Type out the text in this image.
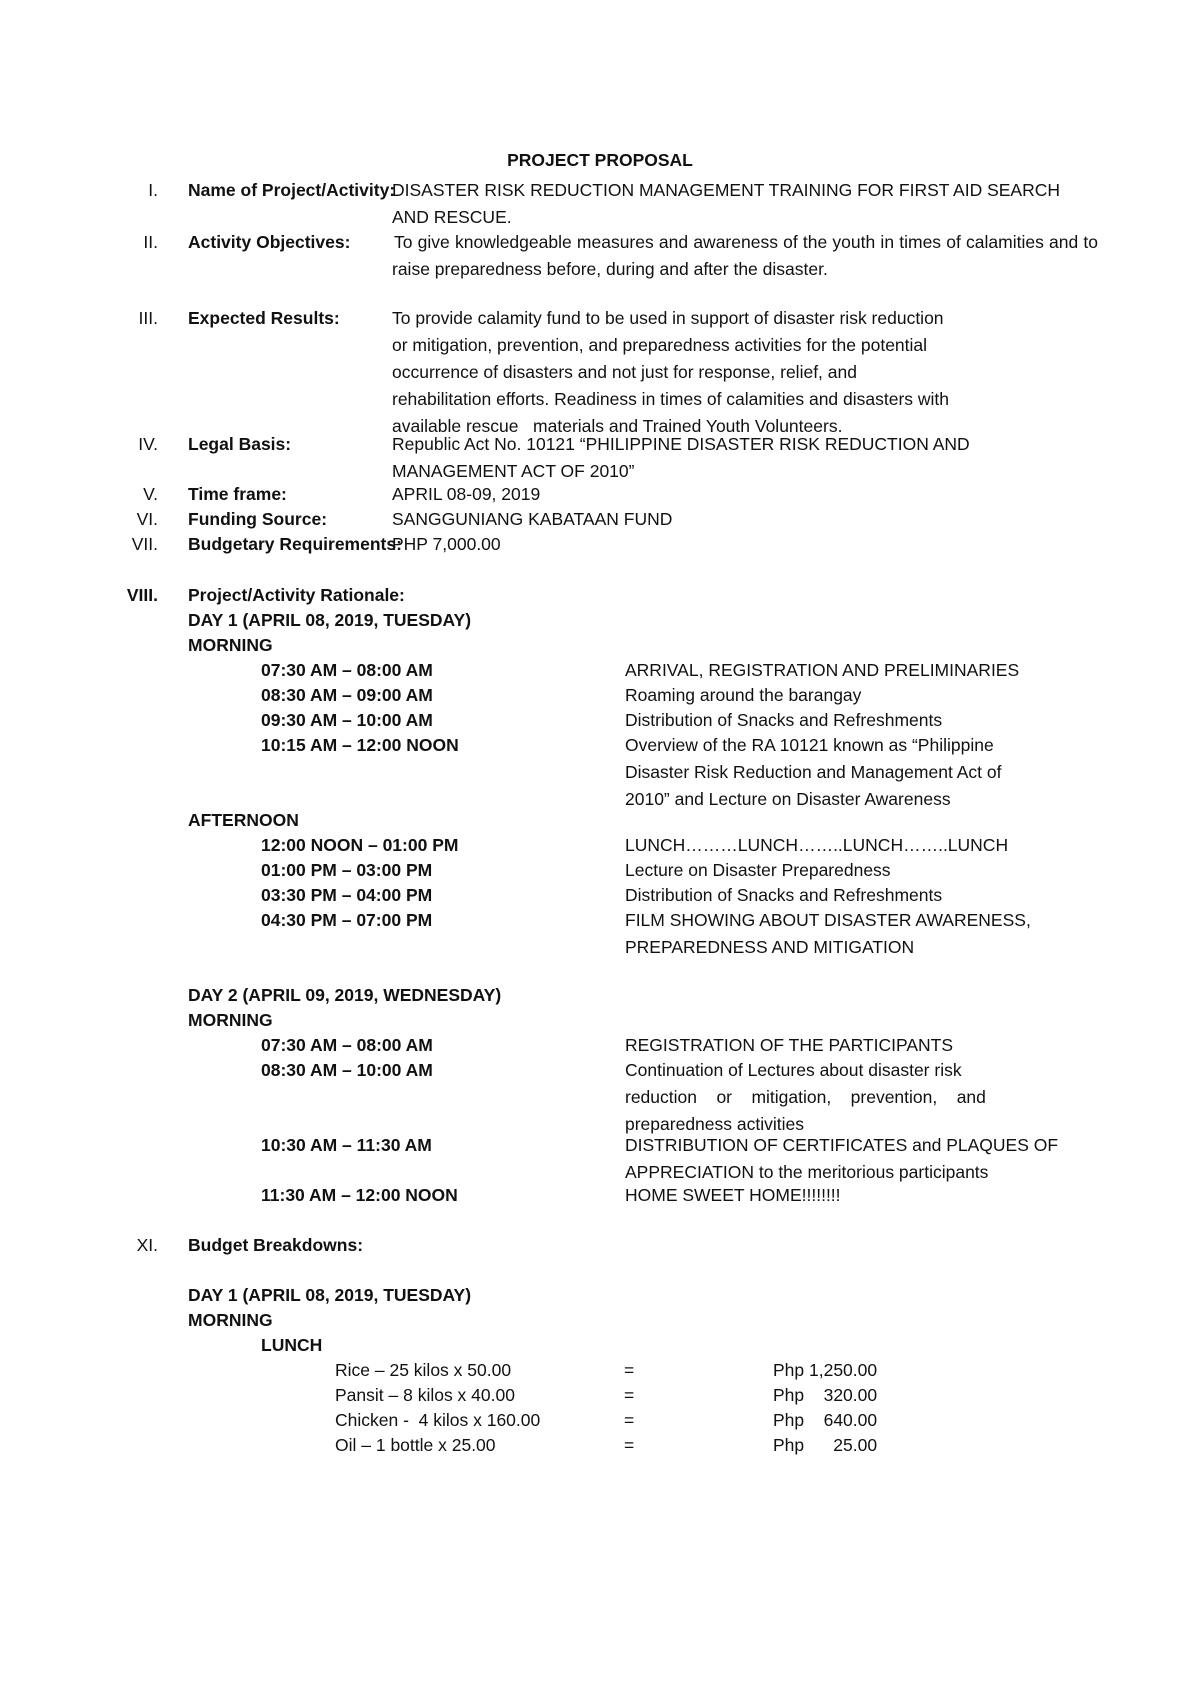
PROJECT PROPOSAL
I. Name of Project/Activity:
DISASTER RISK REDUCTION MANAGEMENT TRAINING FOR FIRST AID SEARCH AND RESCUE.
II. Activity Objectives: To give knowledgeable measures and awareness of the youth in times of calamities and to raise preparedness before, during and after the disaster.
III. Expected Results:	To provide calamity fund to be used in support of disaster risk reduction
or mitigation, prevention, and preparedness activities for the potential
occurrence of disasters and not just for response, relief, and
rehabilitation efforts. Readiness in times of calamities and disasters with
available rescue   materials and Trained Youth Volunteers.
IV. Legal Basis:	Republic Act No. 10121 “PHILIPPINE DISASTER RISK REDUCTION AND
MANAGEMENT ACT OF 2010”
V. Time frame:	APRIL 08-09, 2019
VI. Funding Source:	SANGGUNIANG KABATAAN FUND
VII. Budgetary Requirements:
PHP 7,000.00
VIII. Project/Activity Rationale:
DAY 1 (APRIL 08, 2019, TUESDAY)
MORNING
07:30 AM – 08:00 AM	ARRIVAL, REGISTRATION AND PRELIMINARIES
08:30 AM – 09:00 AM	Roaming around the barangay
09:30 AM – 10:00 AM	Distribution of Snacks and Refreshments
10:15 AM – 12:00 NOON	Overview of the RA 10121 known as “Philippine
Disaster Risk Reduction and Management Act of
2010” and Lecture on Disaster Awareness
AFTERNOON
12:00 NOON – 01:00 PM	LUNCH………LUNCH……..LUNCH……..LUNCH
01:00 PM – 03:00 PM	Lecture on Disaster Preparedness
03:30 PM – 04:00 PM	Distribution of Snacks and Refreshments
04:30 PM – 07:00 PM	FILM SHOWING ABOUT DISASTER AWARENESS,
PREPAREDNESS AND MITIGATION
DAY 2 (APRIL 09, 2019, WEDNESDAY)
MORNING
07:30 AM – 08:00 AM	REGISTRATION OF THE PARTICIPANTS
08:30 AM – 10:00 AM	Continuation of Lectures about disaster risk
reduction    or    mitigation,    prevention,    and
preparedness activities
10:30 AM – 11:30 AM	DISTRIBUTION OF CERTIFICATES and PLAQUES OF
APPRECIATION to the meritorious participants
11:30 AM – 12:00 NOON	HOME SWEET HOME!!!!!!!!
XI. Budget Breakdowns:
DAY 1 (APRIL 08, 2019, TUESDAY)
MORNING
LUNCH
Rice – 25 kilos x 50.00	=	Php 1,250.00
Pansit – 8 kilos x 40.00	=	Php    320.00
Chicken -  4 kilos x 160.00	=	Php    640.00
Oil – 1 bottle x 25.00	=	Php      25.00
